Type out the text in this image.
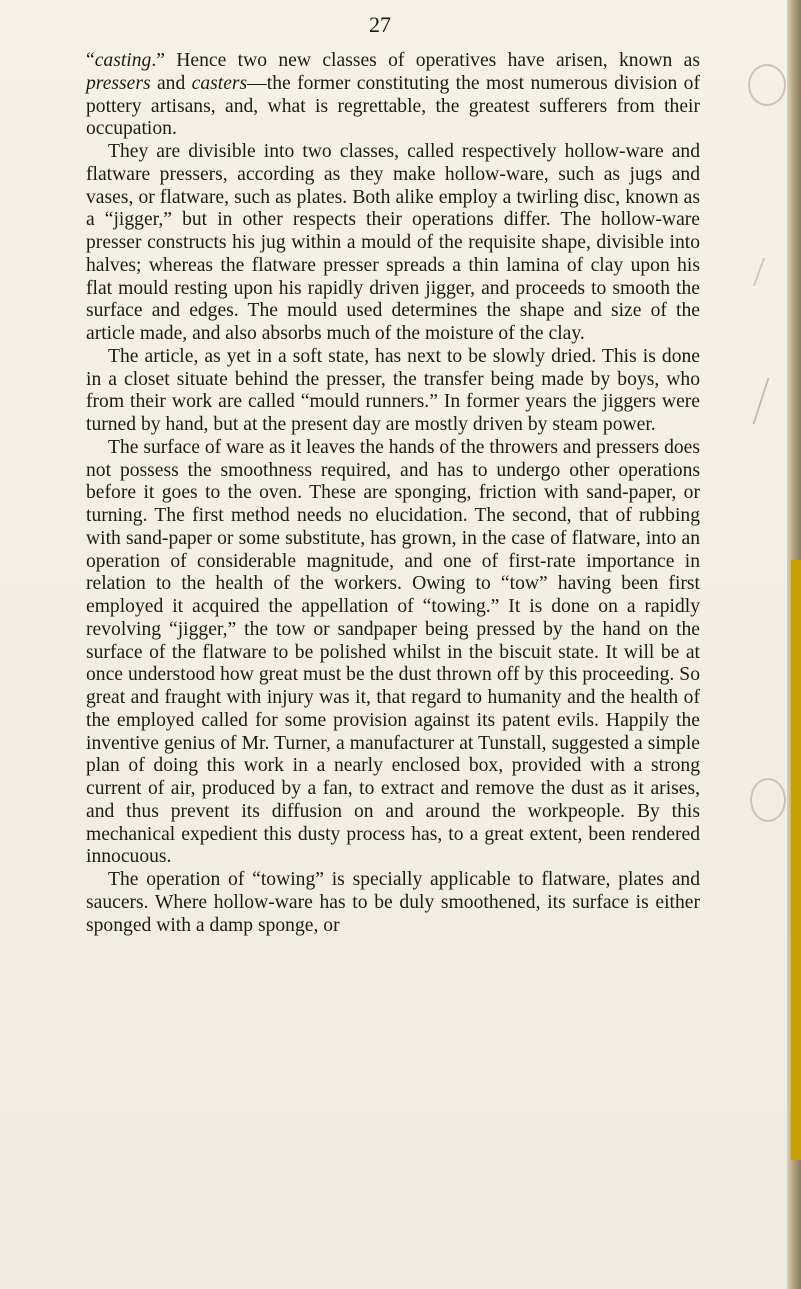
27

“casting.” Hence two new classes of operatives have arisen, known as pressers and casters—the former constituting the most numerous division of pottery artisans, and, what is regrettable, the greatest sufferers from their occupation.

They are divisible into two classes, called respectively hollow-ware and flatware pressers, according as they make hollow-ware, such as jugs and vases, or flatware, such as plates. Both alike employ a twirling disc, known as a “jigger,” but in other respects their operations differ. The hollow-ware presser constructs his jug within a mould of the requisite shape, divisible into halves; whereas the flatware presser spreads a thin lamina of clay upon his flat mould resting upon his rapidly driven jigger, and proceeds to smooth the surface and edges. The mould used determines the shape and size of the article made, and also absorbs much of the moisture of the clay.

The article, as yet in a soft state, has next to be slowly dried. This is done in a closet situate behind the presser, the transfer being made by boys, who from their work are called “mould runners.” In former years the jiggers were turned by hand, but at the present day are mostly driven by steam power.

The surface of ware as it leaves the hands of the throwers and pressers does not possess the smoothness required, and has to undergo other operations before it goes to the oven. These are sponging, friction with sand-paper, or turning. The first method needs no elucidation. The second, that of rubbing with sand-paper or some substitute, has grown, in the case of flatware, into an operation of considerable magnitude, and one of first-rate importance in relation to the health of the workers. Owing to “tow” having been first employed it acquired the appellation of “towing.” It is done on a rapidly revolving “jigger,” the tow or sandpaper being pressed by the hand on the surface of the flatware to be polished whilst in the biscuit state. It will be at once understood how great must be the dust thrown off by this proceeding. So great and fraught with injury was it, that regard to humanity and the health of the employed called for some provision against its patent evils. Happily the inventive genius of Mr. Turner, a manufacturer at Tunstall, suggested a simple plan of doing this work in a nearly enclosed box, provided with a strong current of air, produced by a fan, to extract and remove the dust as it arises, and thus prevent its diffusion on and around the workpeople. By this mechanical expedient this dusty process has, to a great extent, been rendered innocuous.

The operation of “towing” is specially applicable to flatware, plates and saucers. Where hollow-ware has to be duly smoothened, its surface is either sponged with a damp sponge, or
